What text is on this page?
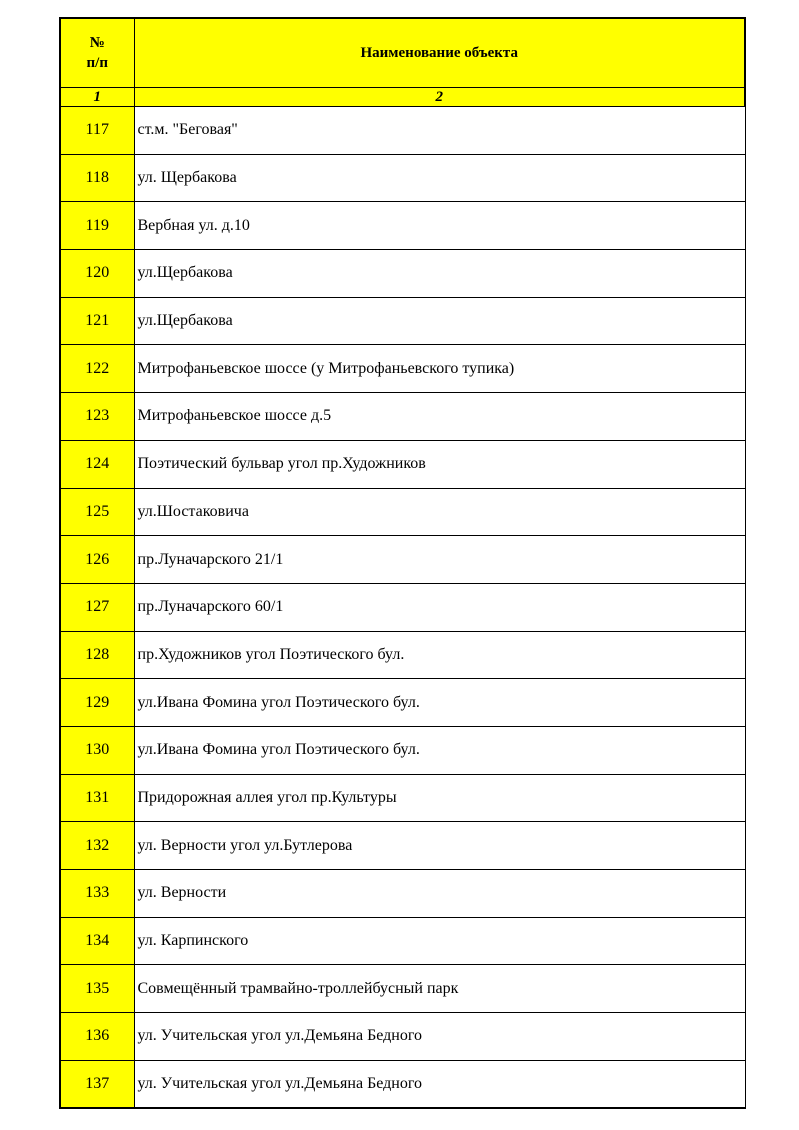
№
п/п	Наименование объекта
1	2
117	ст.м. "Беговая"
118	ул. Щербакова
119	Вербная ул. д.10
120	ул.Щербакова
121	ул.Щербакова
122	Митрофаньевское шоссе (у Митрофаньевского тупика)
123	Митрофаньевское шоссе д.5
124	Поэтический бульвар угол пр.Художников
125	ул.Шостаковича
126	пр.Луначарского 21/1
127	пр.Луначарского 60/1
128	пр.Художников угол Поэтического бул.
129	ул.Ивана Фомина угол Поэтического бул.
130	ул.Ивана Фомина угол Поэтического бул.
131	Придорожная аллея угол пр.Культуры
132	ул. Верности угол ул.Бутлерова
133	ул. Верности
134	ул. Карпинского
135	Совмещённый трамвайно-троллейбусный парк
136	ул. Учительская угол ул.Демьяна Бедного
137	ул. Учительская угол ул.Демьяна Бедного
